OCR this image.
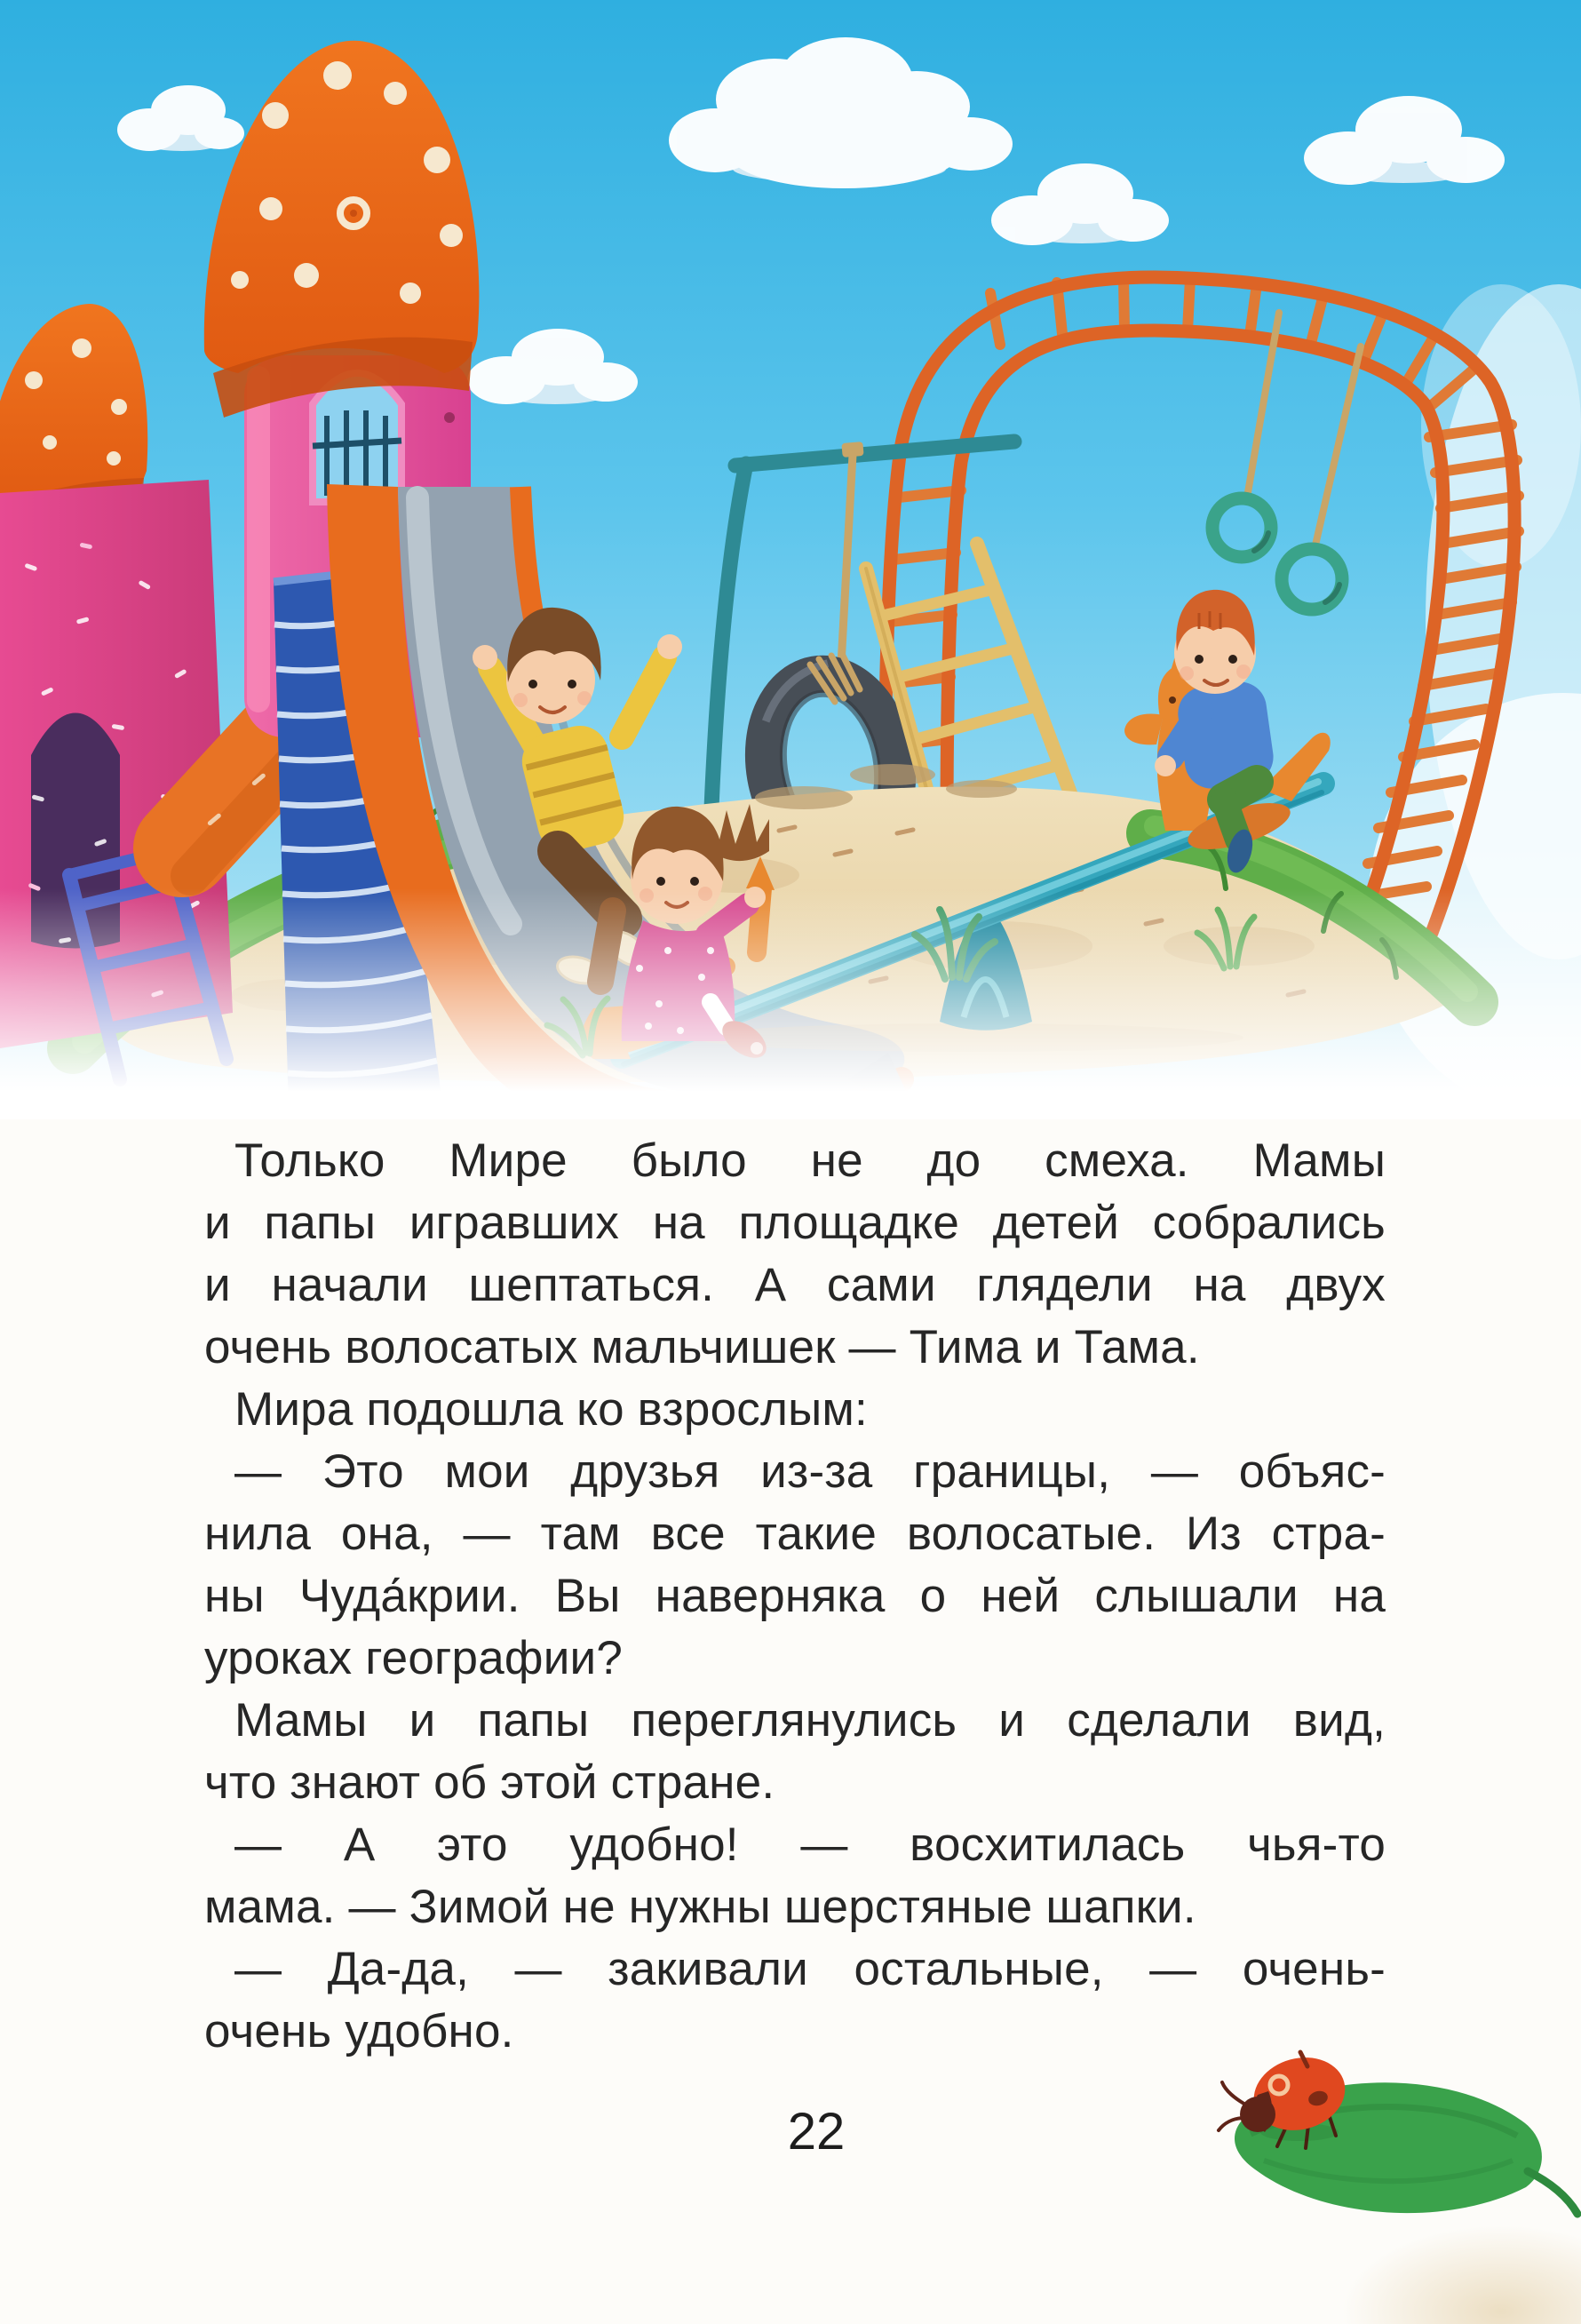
Только Мире было не до смеха. Мамы
и папы игравших на площадке детей собрались
и начали шептаться. А сами глядели на двух
очень волосатых мальчишек — Тима и Тама.
Мира подошла ко взрослым:
— Это мои друзья из-за границы, — объяс-
нила она, — там все такие волосатые. Из стра-
ны Чуда́крии. Вы наверняка о ней слышали на
уроках географии?
Мамы и папы переглянулись и сделали вид,
что знают об этой стране.
— А это удобно! — восхитилась чья-то
мама. — Зимой не нужны шерстяные шапки.
— Да-да, — закивали остальные, — очень-
очень удобно.
22
